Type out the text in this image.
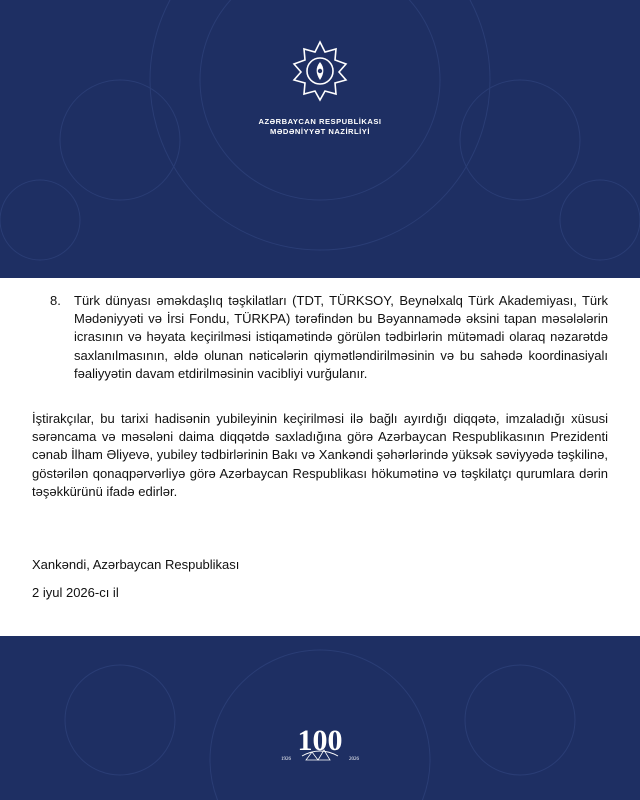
AZƏRBAYCAN RESPUBLİKASI
MƏDƏNİYYƏT NAZİRLİYİ
8. Türk dünyası əməkdaşlıq təşkilatları (TDT, TÜRKSOY, Beynəlxalq Türk Akademiyası, Türk Mədəniyyəti və İrsi Fondu, TÜRKPA) tərəfindən bu Bəyannamədə əksini tapan məsələlərin icrasının və həyata keçirilməsi istiqamətində görülən tədbirlərin mütəmadi olaraq nəzarətdə saxlanılmasının, əldə olunan nəticələrin qiymətləndirilməsinin və bu sahədə koordinasiyalı fəaliyyətin davam etdirilməsinin vacibliyi vurğulanır.
İştirakçılar, bu tarixi hadisənin yubileyinin keçirilməsi ilə bağlı ayırdığı diqqətə, imzaladığı xüsusi sərəncama və məsələni daima diqqətdə saxladığına görə Azərbaycan Respublikasının Prezidenti cənab İlham Əliyevə, yubiley tədbirlərinin Bakı və Xankəndi şəhərlərində yüksək səviyyədə təşkilinə, göstərilən qonaqpərvərliyə görə Azərbaycan Respublikası hökumətinə və təşkilatçı qurumlara dərin təşəkkürünü ifadə edirlər.
Xankəndi, Azərbaycan Respublikası
2 iyul 2026-cı il
100
1926	2026
